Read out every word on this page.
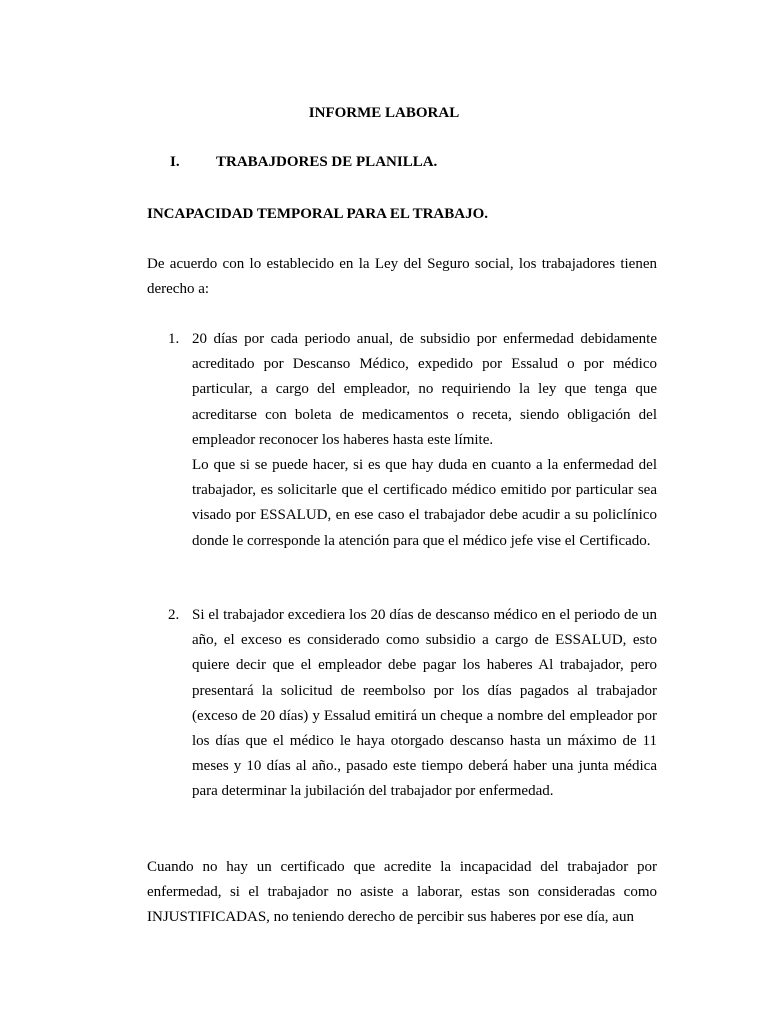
INFORME LABORAL
I. TRABAJDORES DE PLANILLA.
INCAPACIDAD TEMPORAL PARA EL TRABAJO.

De acuerdo con lo establecido en la Ley del Seguro social, los trabajadores tienen derecho a:

1. 20 días por cada periodo anual, de subsidio por enfermedad debidamente acreditado por Descanso Médico, expedido por Essalud o por médico particular, a cargo del empleador, no requiriendo la ley que tenga que acreditarse con boleta de medicamentos o receta, siendo obligación del empleador reconocer los haberes hasta este límite.
Lo que si se puede hacer, si es que hay duda en cuanto a la enfermedad del trabajador, es solicitarle que el certificado médico emitido por particular sea visado por ESSALUD, en ese caso el trabajador debe acudir a su policlínico donde le corresponde la atención para que el médico jefe vise el Certificado.
2. Si el trabajador excediera los 20 días de descanso médico en el periodo de un año, el exceso es considerado como subsidio a cargo de ESSALUD, esto quiere decir que el empleador debe pagar los haberes Al trabajador, pero presentará la solicitud de reembolso por los días pagados al trabajador (exceso de 20 días) y Essalud emitirá un cheque a nombre del empleador por los días que el médico le haya otorgado descanso hasta un máximo de 11 meses y 10 días al año., pasado este tiempo deberá haber una junta médica para determinar la jubilación del trabajador por enfermedad.

Cuando no hay un certificado que acredite la incapacidad del trabajador por enfermedad, si el trabajador no asiste a laborar, estas son consideradas como INJUSTIFICADAS, no teniendo derecho de percibir sus haberes por ese día, aun
